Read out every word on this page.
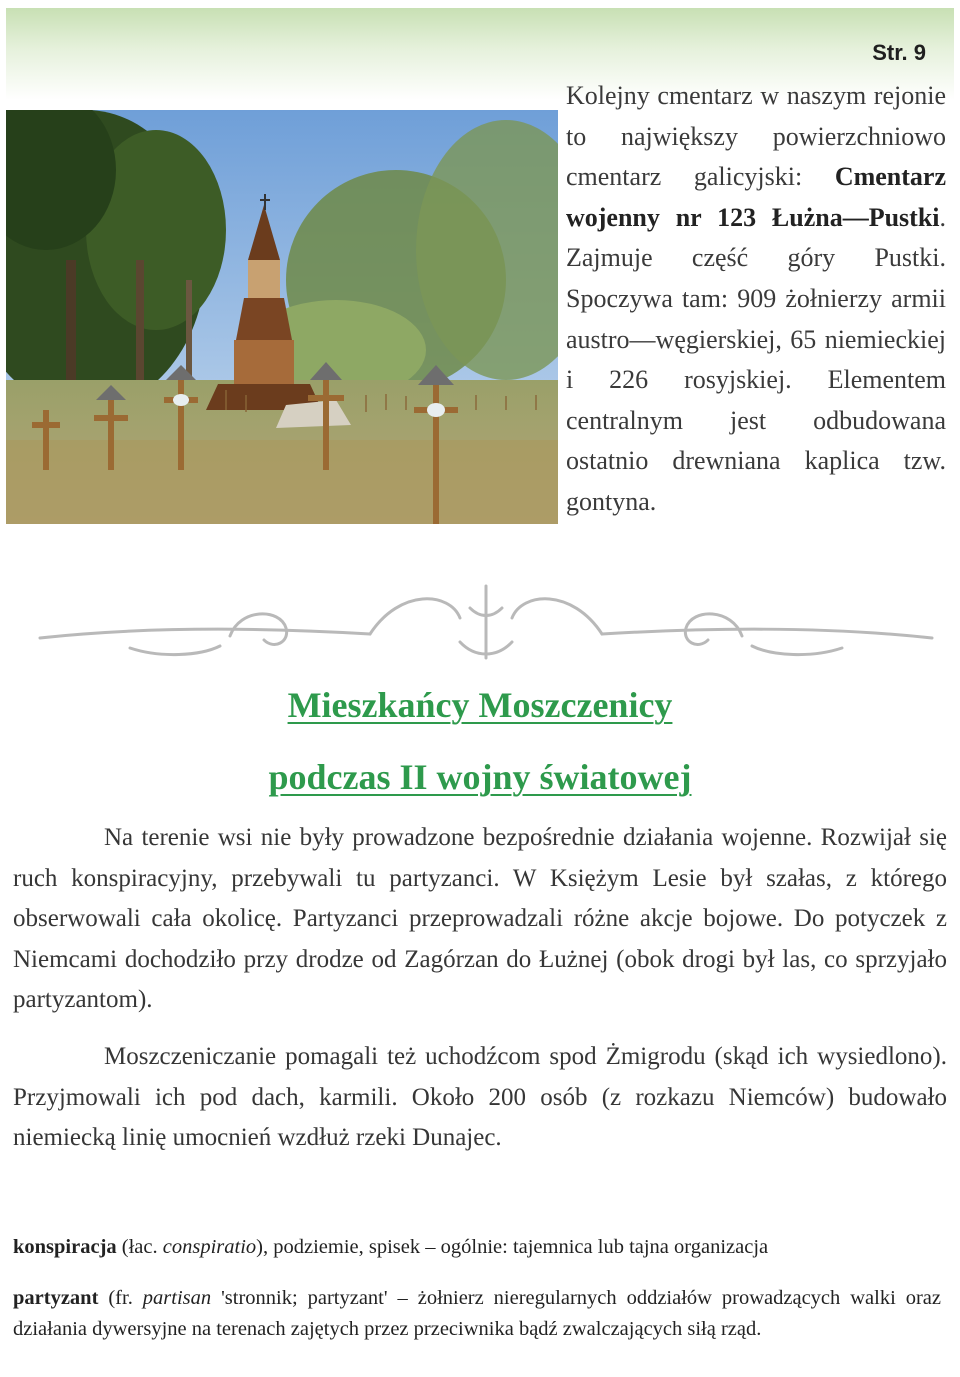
Str. 9

Kolejny cmentarz w naszym rejonie to największy powierzchniowo cmentarz galicyjski: Cmentarz wojenny nr 123 Łużna—Pustki. Zajmuje część góry Pustki. Spoczywa tam: 909 żołnierzy armii austro—węgierskiej, 65 niemieckiej i 226 rosyjskiej. Elementem centralnym jest odbudowana ostatnio drewniana kaplica tzw. gontyna.

Mieszkańcy Moszczenicy
podczas II wojny światowej

Na terenie wsi nie były prowadzone bezpośrednie działania wojenne. Rozwijał się ruch konspiracyjny, przebywali tu partyzanci. W Księżym Lesie był szałas, z którego obserwowali cała okolicę. Partyzanci przeprowadzali różne akcje bojowe. Do potyczek z Niemcami dochodziło przy drodze od Zagórzan do Łużnej (obok drogi był las, co sprzyjało partyzantom).

Moszczeniczanie pomagali też uchodźcom spod Żmigrodu (skąd ich wysiedlono). Przyjmowali ich pod dach, karmili. Około 200 osób (z rozkazu Niemców) budowało niemiecką linię umocnień wzdłuż rzeki Dunajec.

konspiracja (łac. conspiratio), podziemie, spisek – ogólnie: tajemnica lub tajna organizacja

partyzant (fr. partisan 'stronnik; partyzant' – żołnierz nieregularnych oddziałów prowadzących walki oraz działania dywersyjne na terenach zajętych przez przeciwnika bądź zwalczających siłą rząd.
